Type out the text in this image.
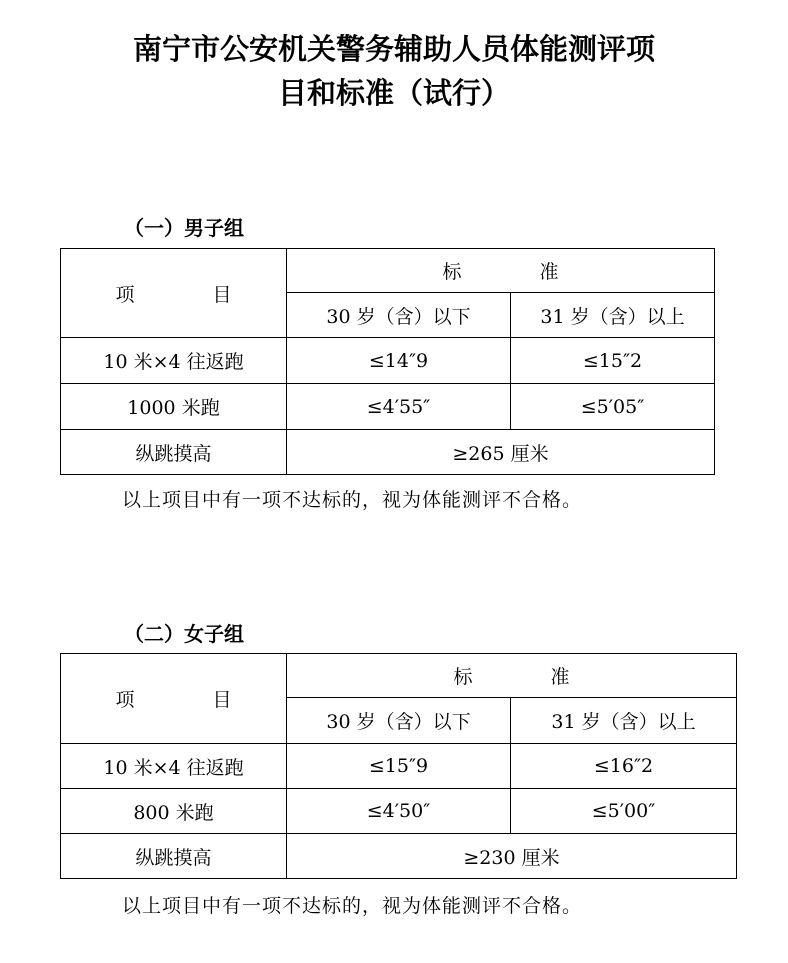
南宁市公安机关警务辅助人员体能测评项
目和标准（试行）
（一）男子组
项 目	标 准	
	30 岁（含）以下	31 岁（含）以上
10 米×4 往返跑	≤14″9	≤15″2
1000 米跑	≤4′55″	≤5′05″
纵跳摸高	≥265 厘米	
以上项目中有一项不达标的，视为体能测评不合格。
（二）女子组
项 目	标 准	
	30 岁（含）以下	31 岁（含）以上
10 米×4 往返跑	≤15″9	≤16″2
800 米跑	≤4′50″	≤5′00″
纵跳摸高	≥230 厘米	
以上项目中有一项不达标的，视为体能测评不合格。
